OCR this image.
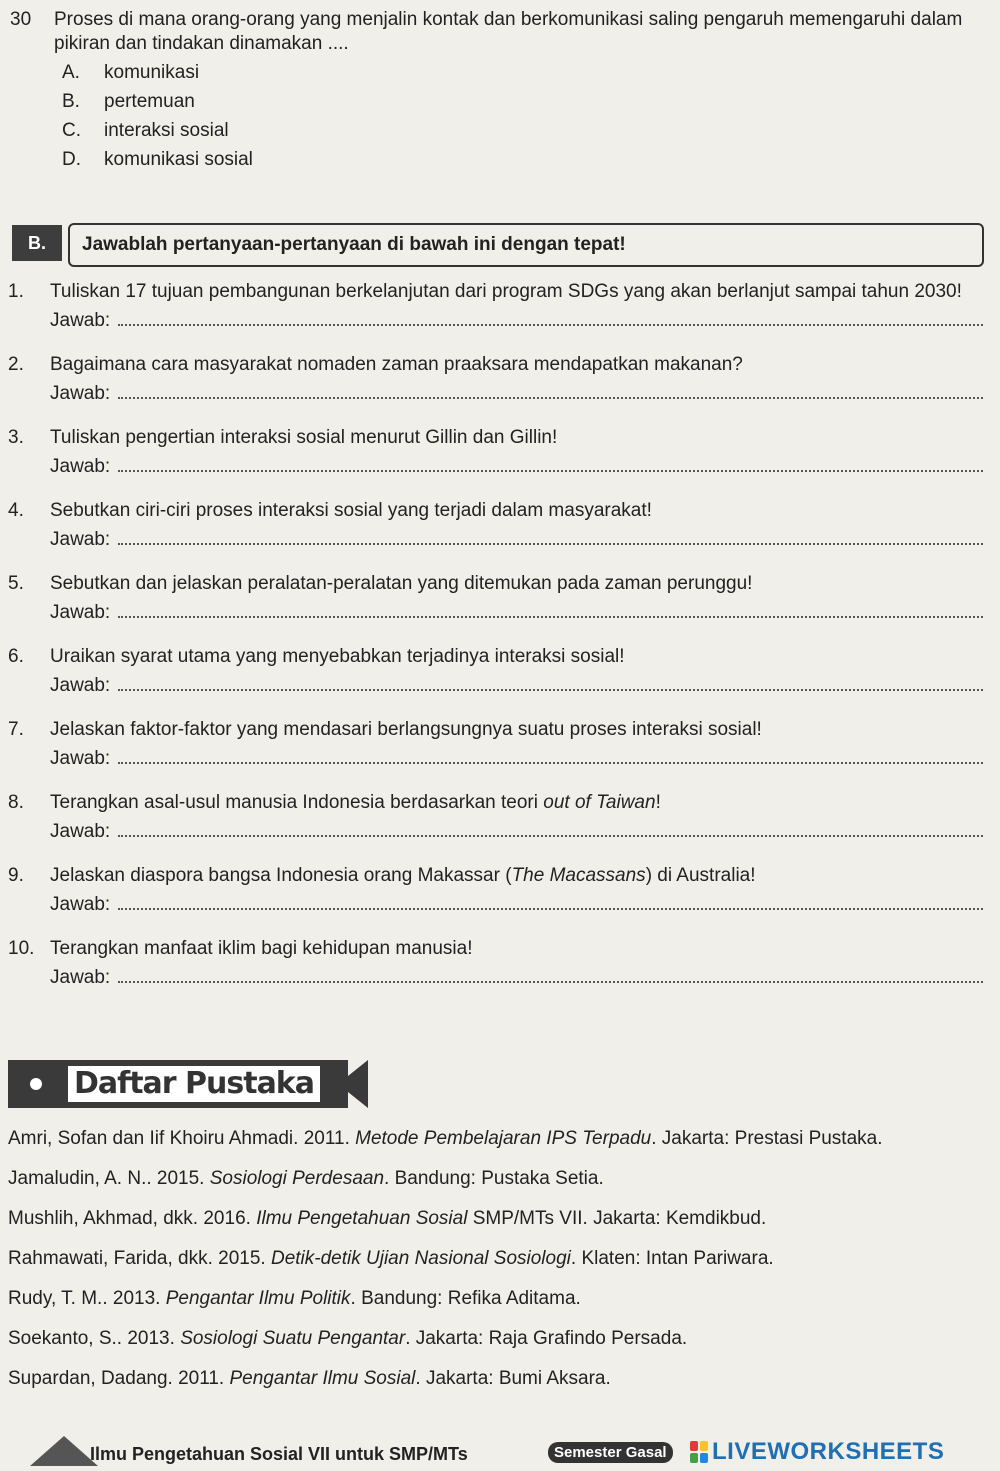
30 Proses di mana orang-orang yang menjalin kontak dan berkomunikasi saling pengaruh memengaruhi dalam pikiran dan tindakan dinamakan ....
A. komunikasi
B. pertemuan
C. interaksi sosial
D. komunikasi sosial
B.	Jawablah pertanyaan-pertanyaan di bawah ini dengan tepat!
1.	Tuliskan 17 tujuan pembangunan berkelanjutan dari program SDGs yang akan berlanjut sampai tahun 2030!
Jawab:
2.	Bagaimana cara masyarakat nomaden zaman praaksara mendapatkan makanan?
Jawab:
3.	Tuliskan pengertian interaksi sosial menurut Gillin dan Gillin!
Jawab:
4.	Sebutkan ciri-ciri proses interaksi sosial yang terjadi dalam masyarakat!
Jawab:
5.	Sebutkan dan jelaskan peralatan-peralatan yang ditemukan pada zaman perunggu!
Jawab:
6.	Uraikan syarat utama yang menyebabkan terjadinya interaksi sosial!
Jawab:
7.	Jelaskan faktor-faktor yang mendasari berlangsungnya suatu proses interaksi sosial!
Jawab:
8.	Terangkan asal-usul manusia Indonesia berdasarkan teori out of Taiwan!
Jawab:
9.	Jelaskan diaspora bangsa Indonesia orang Makassar (The Macassans) di Australia!
Jawab:
10. Terangkan manfaat iklim bagi kehidupan manusia!
Jawab:
Daftar Pustaka
Amri, Sofan dan Iif Khoiru Ahmadi. 2011. Metode Pembelajaran IPS Terpadu. Jakarta: Prestasi Pustaka.
Jamaludin, A. N.. 2015. Sosiologi Perdesaan. Bandung: Pustaka Setia.
Mushlih, Akhmad, dkk. 2016. Ilmu Pengetahuan Sosial SMP/MTs VII. Jakarta: Kemdikbud.
Rahmawati, Farida, dkk. 2015. Detik-detik Ujian Nasional Sosiologi. Klaten: Intan Pariwara.
Rudy, T. M.. 2013. Pengantar Ilmu Politik. Bandung: Refika Aditama.
Soekanto, S.. 2013. Sosiologi Suatu Pengantar. Jakarta: Raja Grafindo Persada.
Supardan, Dadang. 2011. Pengantar Ilmu Sosial. Jakarta: Bumi Aksara.
Ilmu Pengetahuan Sosial VII untuk SMP/MTs	Semester Gasal LIVEWORKSHEETS
